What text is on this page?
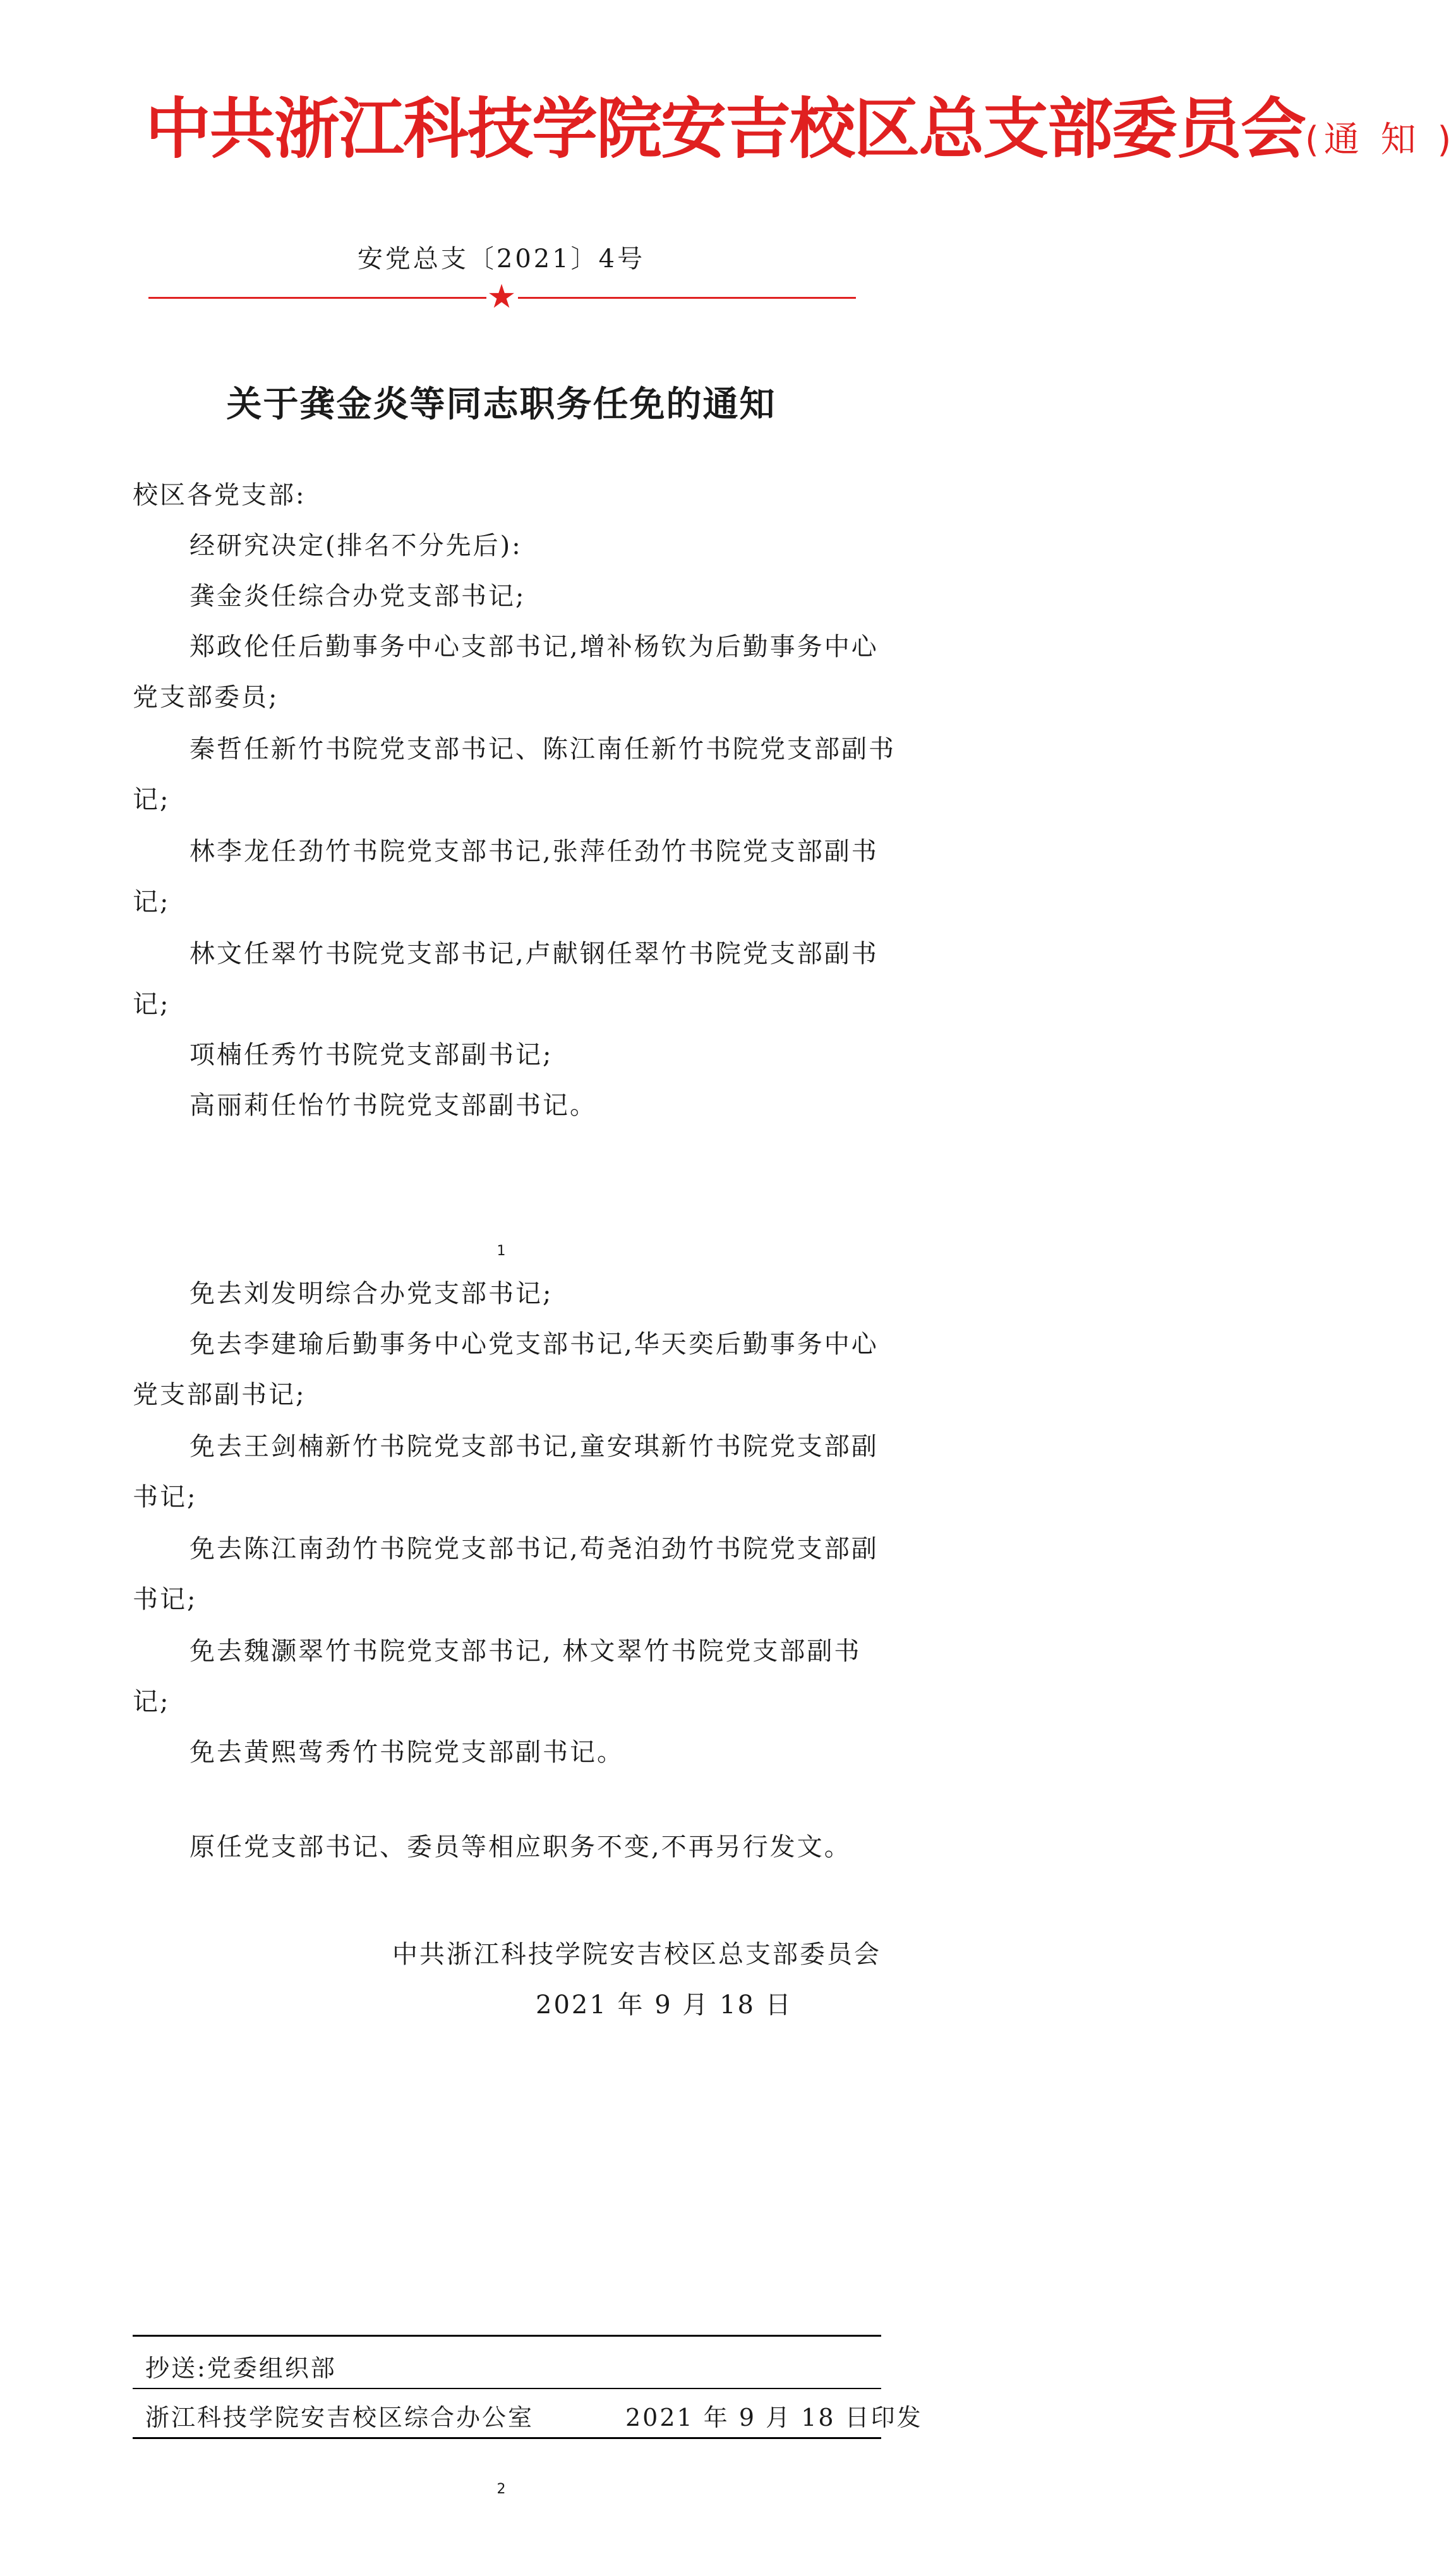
中共浙江科技学院安吉校区总支部委员会(通 知 )
安党总支〔2021〕4号
★
关于龚金炎等同志职务任免的通知
校区各党支部:
经研究决定(排名不分先后):
龚金炎任综合办党支部书记;
郑政伦任后勤事务中心支部书记,增补杨钦为后勤事务中心
党支部委员;
秦哲任新竹书院党支部书记、陈江南任新竹书院党支部副书
记;
林李龙任劲竹书院党支部书记,张萍任劲竹书院党支部副书
记;
林文任翠竹书院党支部书记,卢献钢任翠竹书院党支部副书
记;
项楠任秀竹书院党支部副书记;
高丽莉任怡竹书院党支部副书记。
1
免去刘发明综合办党支部书记;
免去李建瑜后勤事务中心党支部书记,华天奕后勤事务中心
党支部副书记;
免去王剑楠新竹书院党支部书记,童安琪新竹书院党支部副
书记;
免去陈江南劲竹书院党支部书记,苟尧泊劲竹书院党支部副
书记;
免去魏灏翠竹书院党支部书记, 林文翠竹书院党支部副书
记;
免去黄熙莺秀竹书院党支部副书记。
原任党支部书记、委员等相应职务不变,不再另行发文。
中共浙江科技学院安吉校区总支部委员会
2021 年 9 月 18 日
抄送:党委组织部
浙江科技学院安吉校区综合办公室	2021 年 9 月 18 日印发
2
